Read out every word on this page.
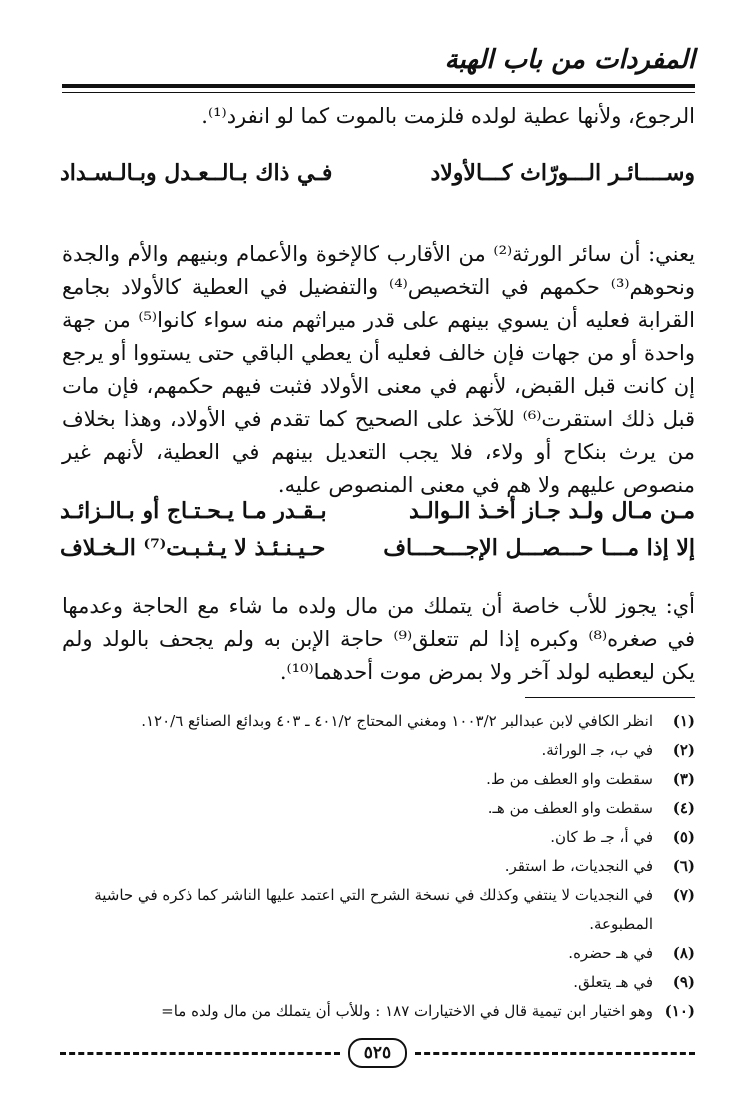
المفردات من باب الهبة
الرجوع، ولأنها عطية لولده فلزمت بالموت كما لو انفرد⁽¹⁾.
وســــائـر الـــورّاث كـــالأولاد
فـي ذاك بـالــعـدل وبـالـسـداد
يعني: أن سائر الورثة⁽²⁾ من الأقارب كالإخوة والأعمام وبنيهم والأم والجدة ونحوهم⁽³⁾ حكمهم في التخصيص⁽⁴⁾ والتفضيل في العطية كالأولاد بجامع القرابة فعليه أن يسوي بينهم على قدر ميراثهم منه سواء كانوا⁽⁵⁾ من جهة واحدة أو من جهات فإن خالف فعليه أن يعطي الباقي حتى يستووا أو يرجع إن كانت قبل القبض، لأنهم في معنى الأولاد فثبت فيهم حكمهم، فإن مات قبل ذلك استقرت⁽⁶⁾ للآخذ على الصحيح كما تقدم في الأولاد، وهذا بخلاف من يرث بنكاح أو ولاء، فلا يجب التعديل بينهم في العطية، لأنهم غير منصوص عليهم ولا هم في معنى المنصوص عليه.
مـن مـال ولـد جـاز أخـذ الـوالـد
بـقـدر مـا يـحـتـاج أو بـالـزائـد
إلا إذا مـــا حـــصـــل الإجـــحـــاف
حـيـنـئـذ لا يـثـبـت⁽⁷⁾ الـخـلاف
أي: يجوز للأب خاصة أن يتملك من مال ولده ما شاء مع الحاجة وعدمها في صغره⁽⁸⁾ وكبره إذا لم تتعلق⁽⁹⁾ حاجة الإبن به ولم يجحف بالولد ولم يكن ليعطيه لولد آخر ولا بمرض موت أحدهما⁽¹⁰⁾.
(١)
انظر الكافي لابن عبدالبر ١٠٠٣/٢ ومغني المحتاج ٤٠١/٢ ـ ٤٠٣ وبدائع الصنائع ١٢٠/٦.
(٢)
في ب، جـ الوراثة.
(٣)
سقطت واو العطف من ط.
(٤)
سقطت واو العطف من هـ.
(٥)
في أ، جـ ط كان.
(٦)
في النجديات، ط استقر.
(٧)
في النجديات لا ينتفي وكذلك في نسخة الشرح التي اعتمد عليها الناشر كما ذكره في حاشية المطبوعة.
(٨)
في هـ حضره.
(٩)
في هـ يتعلق.
(١٠)
وهو اختيار ابن تيمية قال في الاختيارات ١٨٧ : وللأب أن يتملك من مال ولده ما=
٥٢٥
